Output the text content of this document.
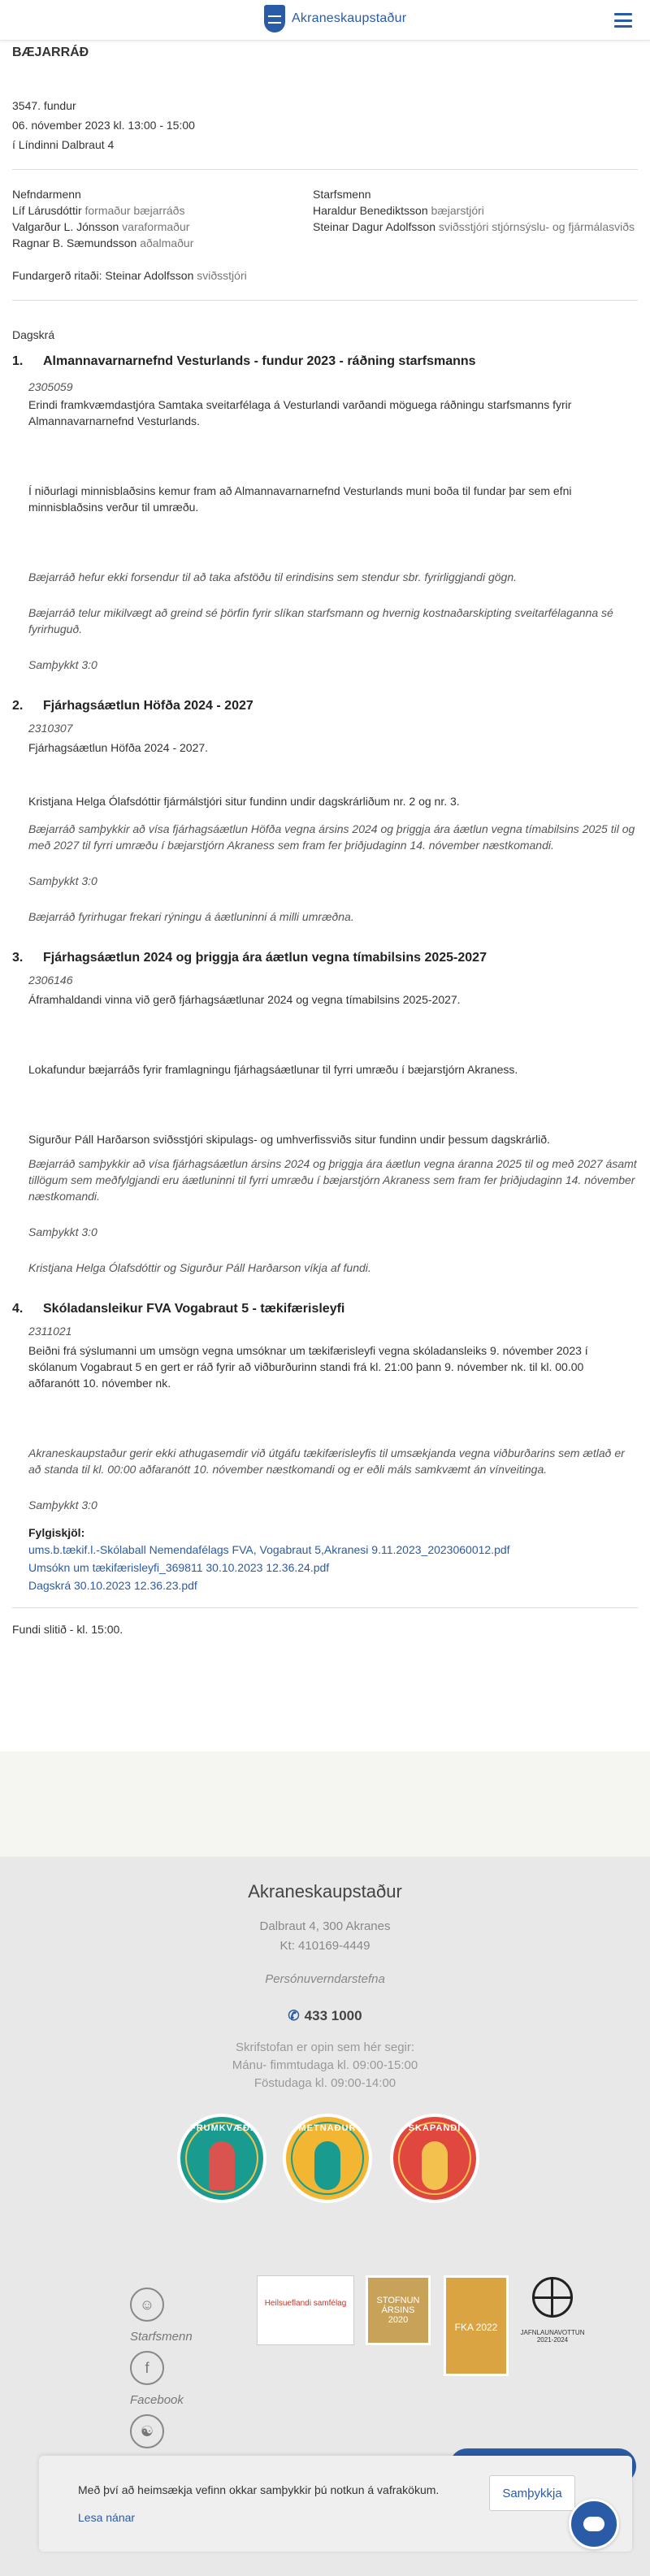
Akraneskaupstaður
BÆJARRÁÐ
3547. fundur
06. nóvember 2023 kl. 13:00 - 15:00
í Líndinni Dalbraut 4
Nefndarmenn
Líf Lárusdóttir formaður bæjarráðs
Valgarður L. Jónsson varaformaður
Ragnar B. Sæmundsson aðalmaður
Starfsmenn
Haraldur Benediktsson bæjarstjóri
Steinar Dagur Adolfsson sviðsstjóri stjórnsýslu- og fjármálasviðs
Fundargerð ritaði: Steinar Adolfsson sviðsstjóri
Dagskrá
1.	Almannavarnarnefnd Vesturlands - fundur 2023 - ráðning starfsmanns
2305059
Erindi framkvæmdastjóra Samtaka sveitarfélaga á Vesturlandi varðandi möguega ráðningu starfsmanns fyrir Almannavarnarnefnd Vesturlands.
Í niðurlagi minnisblaðsins kemur fram að Almannavarnarnefnd Vesturlands muni boða til fundar þar sem efni minnisblaðsins verður til umræðu.
Bæjarráð hefur ekki forsendur til að taka afstöðu til erindisins sem stendur sbr. fyrirliggjandi gögn.
Bæjarráð telur mikilvægt að greind sé þörfin fyrir slíkan starfsmann og hvernig kostnaðarskipting sveitarfélaganna sé fyrirhuguð.
Samþykkt 3:0
2.	Fjárhagsáætlun Höfða 2024 - 2027
2310307
Fjárhagsáætlun Höfða 2024 - 2027.
Kristjana Helga Ólafsdóttir fjármálstjóri situr fundinn undir dagskrárliðum nr. 2 og nr. 3.
Bæjarráð samþykkir að vísa fjárhagsáætlun Höfða vegna ársins 2024 og þriggja ára áætlun vegna tímabilsins 2025 til og með 2027 til fyrri umræðu í bæjarstjórn Akraness sem fram fer þriðjudaginn 14. nóvember næstkomandi.
Samþykkt 3:0
Bæjarráð fyrirhugar frekari rýningu á áætluninni á milli umræðna.
3.	Fjárhagsáætlun 2024 og þriggja ára áætlun vegna tímabilsins 2025-2027
2306146
Áframhaldandi vinna við gerð fjárhagsáætlunar 2024 og vegna tímabilsins 2025-2027.
Lokafundur bæjarráðs fyrir framlagningu fjárhagsáætlunar til fyrri umræðu í bæjarstjórn Akraness.
Sigurður Páll Harðarson sviðsstjóri skipulags- og umhverfissviðs situr fundinn undir þessum dagskrárlið.
Bæjarráð samþykkir að vísa fjárhagsáætlun ársins 2024 og þriggja ára áætlun vegna áranna 2025 til og með 2027 ásamt tillögum sem meðfylgjandi eru áætluninni til fyrri umræðu í bæjarstjórn Akraness sem fram fer þriðjudaginn 14. nóvember næstkomandi.
Samþykkt 3:0
Kristjana Helga Ólafsdóttir og Sigurður Páll Harðarson víkja af fundi.
4.	Skóladansleikur FVA Vogabraut 5 - tækifærisleyfi
2311021
Beiðni frá sýslumanni um umsögn vegna umsóknar um tækifærisleyfi vegna skóladansleiks 9. nóvember 2023 í skólanum Vogabraut 5 en gert er ráð fyrir að viðburðurinn standi frá kl. 21:00 þann 9. nóvember nk. til kl. 00.00 aðfaranótt 10. nóvember nk.
Akraneskaupstaður gerir ekki athugasemdir við útgáfu tækifærisleyfis til umsækjanda vegna viðburðarins sem ætlað er að standa til kl. 00:00 aðfaranótt 10. nóvember næstkomandi og er eðli máls samkvæmt án vínveitinga.
Samþykkt 3:0
Fylgiskjöl:
ums.b.tækif.l.-Skólaball Nemendafélags FVA, Vogabraut 5,Akranesi 9.11.2023_2023060012.pdf
Umsókn um tækifærisleyfi_369811 30.10.2023 12.36.24.pdf
Dagskrá 30.10.2023 12.36.23.pdf
Fundi slitið - kl. 15:00.
Akraneskaupstaður
Dalbraut 4, 300 Akranes
Kt: 410169-4449
Persónuverndarstefna
✆ 433 1000
Skrifstofan er opin sem hér segir:
Mánu- fimmtudaga kl. 09:00-15:00
Föstudaga kl. 09:00-14:00
FRUMKVÆÐI	METNAÐUR	SKAPANDI
☺
Starfsmenn
f
Facebook
☯
Heilsueflandi samfélag	STOFNUN ÁRSINS 2020
FKA 2022	JAFNLAUNAVOTTUN 2021-2024
Með því að heimsækja vefinn okkar samþykkir þú notkun á vafrakökum.
Lesa nánar
Samþykkja
